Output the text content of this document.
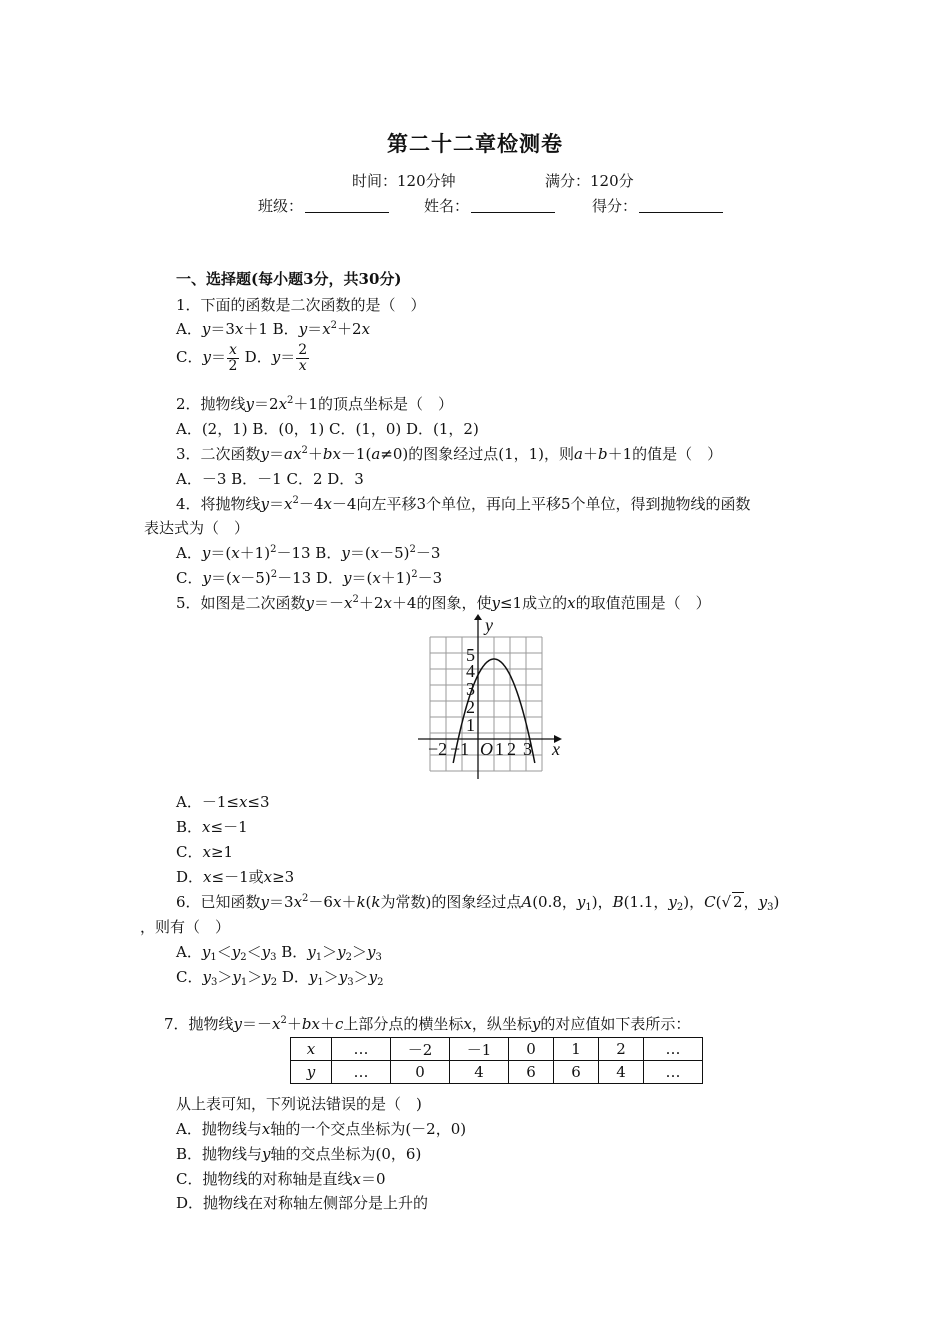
第二十二章检测卷
时间：120分钟	满分：120分
班级：	姓名：	得分：
一、选择题(每小题3分，共30分)
1．下面的函数是二次函数的是（　）
A．y＝3x＋1 B．$y=x^2+2x$
C．$y= \frac{x}{2}$ D．$y= \frac{2}{x}$
2．抛物线$y=2x^2+1$的顶点坐标是（　）
A．(2，1) B．(0，1) C．(1，0) D．(1，2)
3．二次函数$y=ax^2+bx-1(a\ne 0)$的图象经过点(1，1)，则a＋b＋1的值是（　）
A．－3 B．－1 C．2 D．3
4．将抛物线$y=x^2-4x-4$向左平移3个单位，再向上平移5个单位，得到抛物线的函数
表达式为（　）
A．$y=(x+1)^2-13$ B．$y=(x-5)^2-3$
C．$y=(x-5)^2-13$ D．$y=(x+1)^2-3$
5．如图是二次函数$y=-x^2+2x+4$的图象，使y≤1成立的x的取值范围是（　）
y
x
O
−2 −1 1 2 3
1
2
3
4
5
A．－1≤x≤3
B．x≤－1
C．x≥1
D．x≤－1或x≥3
6．已知函数$y=3x^2-6x+k(k$为常数)的图象经过点A(0.8，$y_1$)，B(1.1，$y_2$)，C(√ 2，$y_3$)
，则有（　）
A．$y_1<y_2<y_3$ B．$y_1>y_2>y_3$
C．$y_3>y_1>y_2$ D．$y_1>y_3>y_2$
7．抛物线$y=-x^2+bx+c$上部分点的横坐标x，纵坐标y的对应值如下表所示：
x	…	－2	－1	0	1	2	…
y	…	0	4	6	6	4	…
从上表可知，下列说法错误的是（　)
A．抛物线与x轴的一个交点坐标为(－2，0)
B．抛物线与y轴的交点坐标为(0，6)
C．抛物线的对称轴是直线x＝0
D．抛物线在对称轴左侧部分是上升的
